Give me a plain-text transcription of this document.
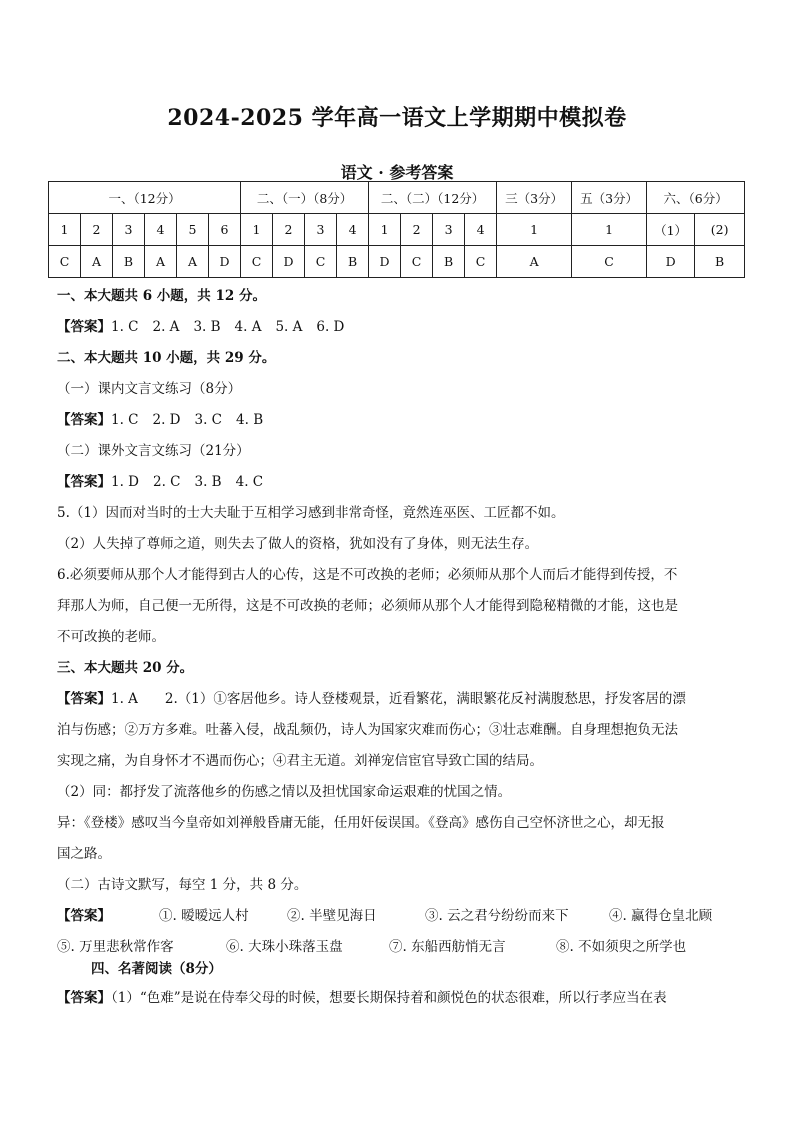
2024-2025 学年高一语文上学期期中模拟卷
语文 · 参考答案
一、（12分）						二、（一）（8分）				二、（二）（12分）				三（3分）	五（3分）	六、（6分）	
1	2	3	4	5	6	1	2	3	4	1	2	3	4	1	1	（1）	(2)
C	A	B	A	A	D	C	D	C	B	D	C	B	C	A	C	D	B
一、本大题共 6 小题，共 12 分。
【答案】1. C 2. A 3. B 4. A 5. A 6. D
二、本大题共 10 小题，共 29 分。
（一）课内文言文练习（8分）
【答案】1. C 2. D 3. C 4. B
（二）课外文言文练习（21分）
【答案】1. D 2. C 3. B 4. C
5.（1）因而对当时的士大夫耻于互相学习感到非常奇怪，竟然连巫医、工匠都不如。
（2）人失掉了尊师之道，则失去了做人的资格，犹如没有了身体，则无法生存。
6.必须要师从那个人才能得到古人的心传，这是不可改换的老师；必须师从那个人而后才能得到传授，不
拜那人为师，自己便一无所得，这是不可改换的老师；必须师从那个人才能得到隐秘精微的才能，这也是
不可改换的老师。
三、本大题共 20 分。
【答案】1. A　　2.（1）①客居他乡。诗人登楼观景，近看繁花，满眼繁花反衬满腹愁思，抒发客居的漂
泊与伤感；②万方多难。吐蕃入侵，战乱频仍，诗人为国家灾难而伤心；③壮志难酬。自身理想抱负无法
实现之痛，为自身怀才不遇而伤心；④君主无道。刘禅宠信宦官导致亡国的结局。
（2）同：都抒发了流落他乡的伤感之情以及担忧国家命运艰难的忧国之情。
异：《登楼》感叹当今皇帝如刘禅般昏庸无能，任用奸佞误国。《登高》感伤自己空怀济世之心，却无报
国之路。
（二）古诗文默写，每空 1 分，共 8 分。
【答案】	①. 暧暧远人村	②. 半壁见海日	③. 云之君兮纷纷而来下	④. 赢得仓皇北顾
⑤. 万里悲秋常作客	⑥. 大珠小珠落玉盘	⑦. 东船西舫悄无言	⑧. 不如须臾之所学也
四、名著阅读（8分）
【答案】（1）“色难”是说在侍奉父母的时候，想要长期保持着和颜悦色的状态很难，所以行孝应当在表
